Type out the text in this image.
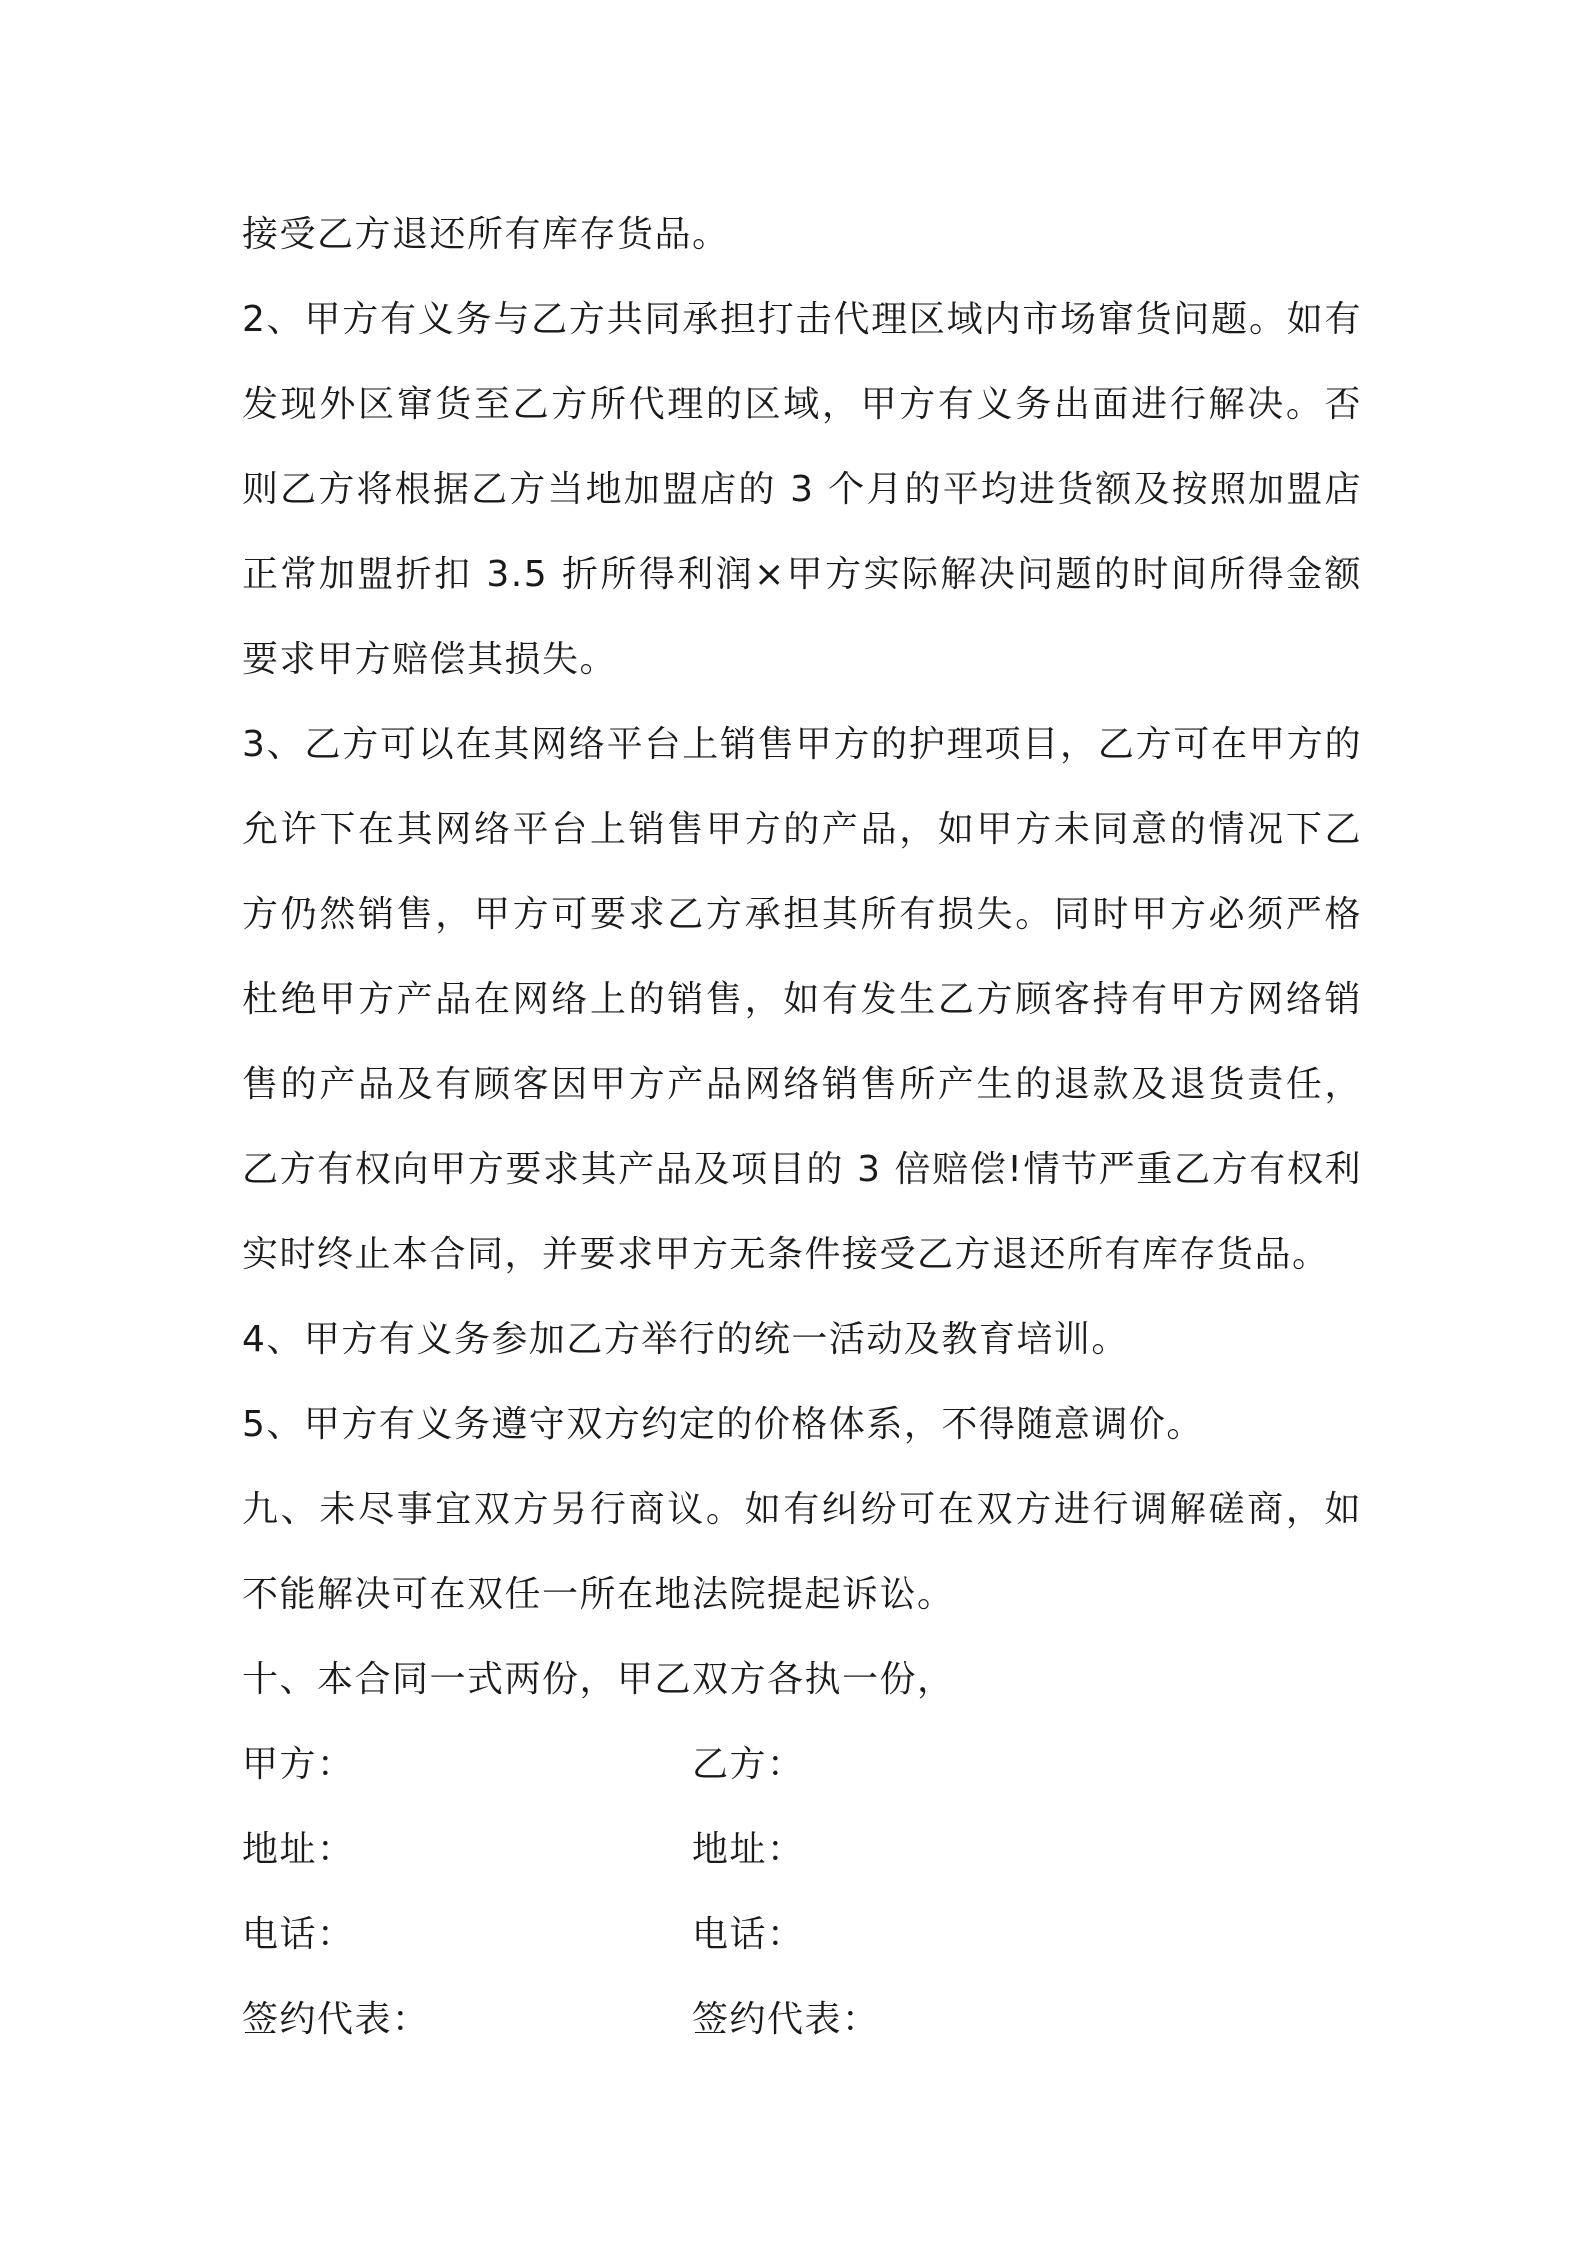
接受乙方退还所有库存货品。

2、甲方有义务与乙方共同承担打击代理区域内市场窜货问题。如有发现外区窜货至乙方所代理的区域，甲方有义务出面进行解决。否则乙方将根据乙方当地加盟店的 3 个月的平均进货额及按照加盟店正常加盟折扣 3.5 折所得利润×甲方实际解决问题的时间所得金额要求甲方赔偿其损失。

3、乙方可以在其网络平台上销售甲方的护理项目，乙方可在甲方的允许下在其网络平台上销售甲方的产品，如甲方未同意的情况下乙方仍然销售，甲方可要求乙方承担其所有损失。同时甲方必须严格杜绝甲方产品在网络上的销售，如有发生乙方顾客持有甲方网络销售的产品及有顾客因甲方产品网络销售所产生的退款及退货责任，乙方有权向甲方要求其产品及项目的 3 倍赔偿!情节严重乙方有权利实时终止本合同，并要求甲方无条件接受乙方退还所有库存货品。

4、甲方有义务参加乙方举行的统一活动及教育培训。

5、甲方有义务遵守双方约定的价格体系，不得随意调价。

九、未尽事宜双方另行商议。如有纠纷可在双方进行调解磋商，如不能解决可在双任一所在地法院提起诉讼。

十、本合同一式两份，甲乙双方各执一份，

甲方：	乙方：
地址：	地址：
电话：	电话：
签约代表：	签约代表：
